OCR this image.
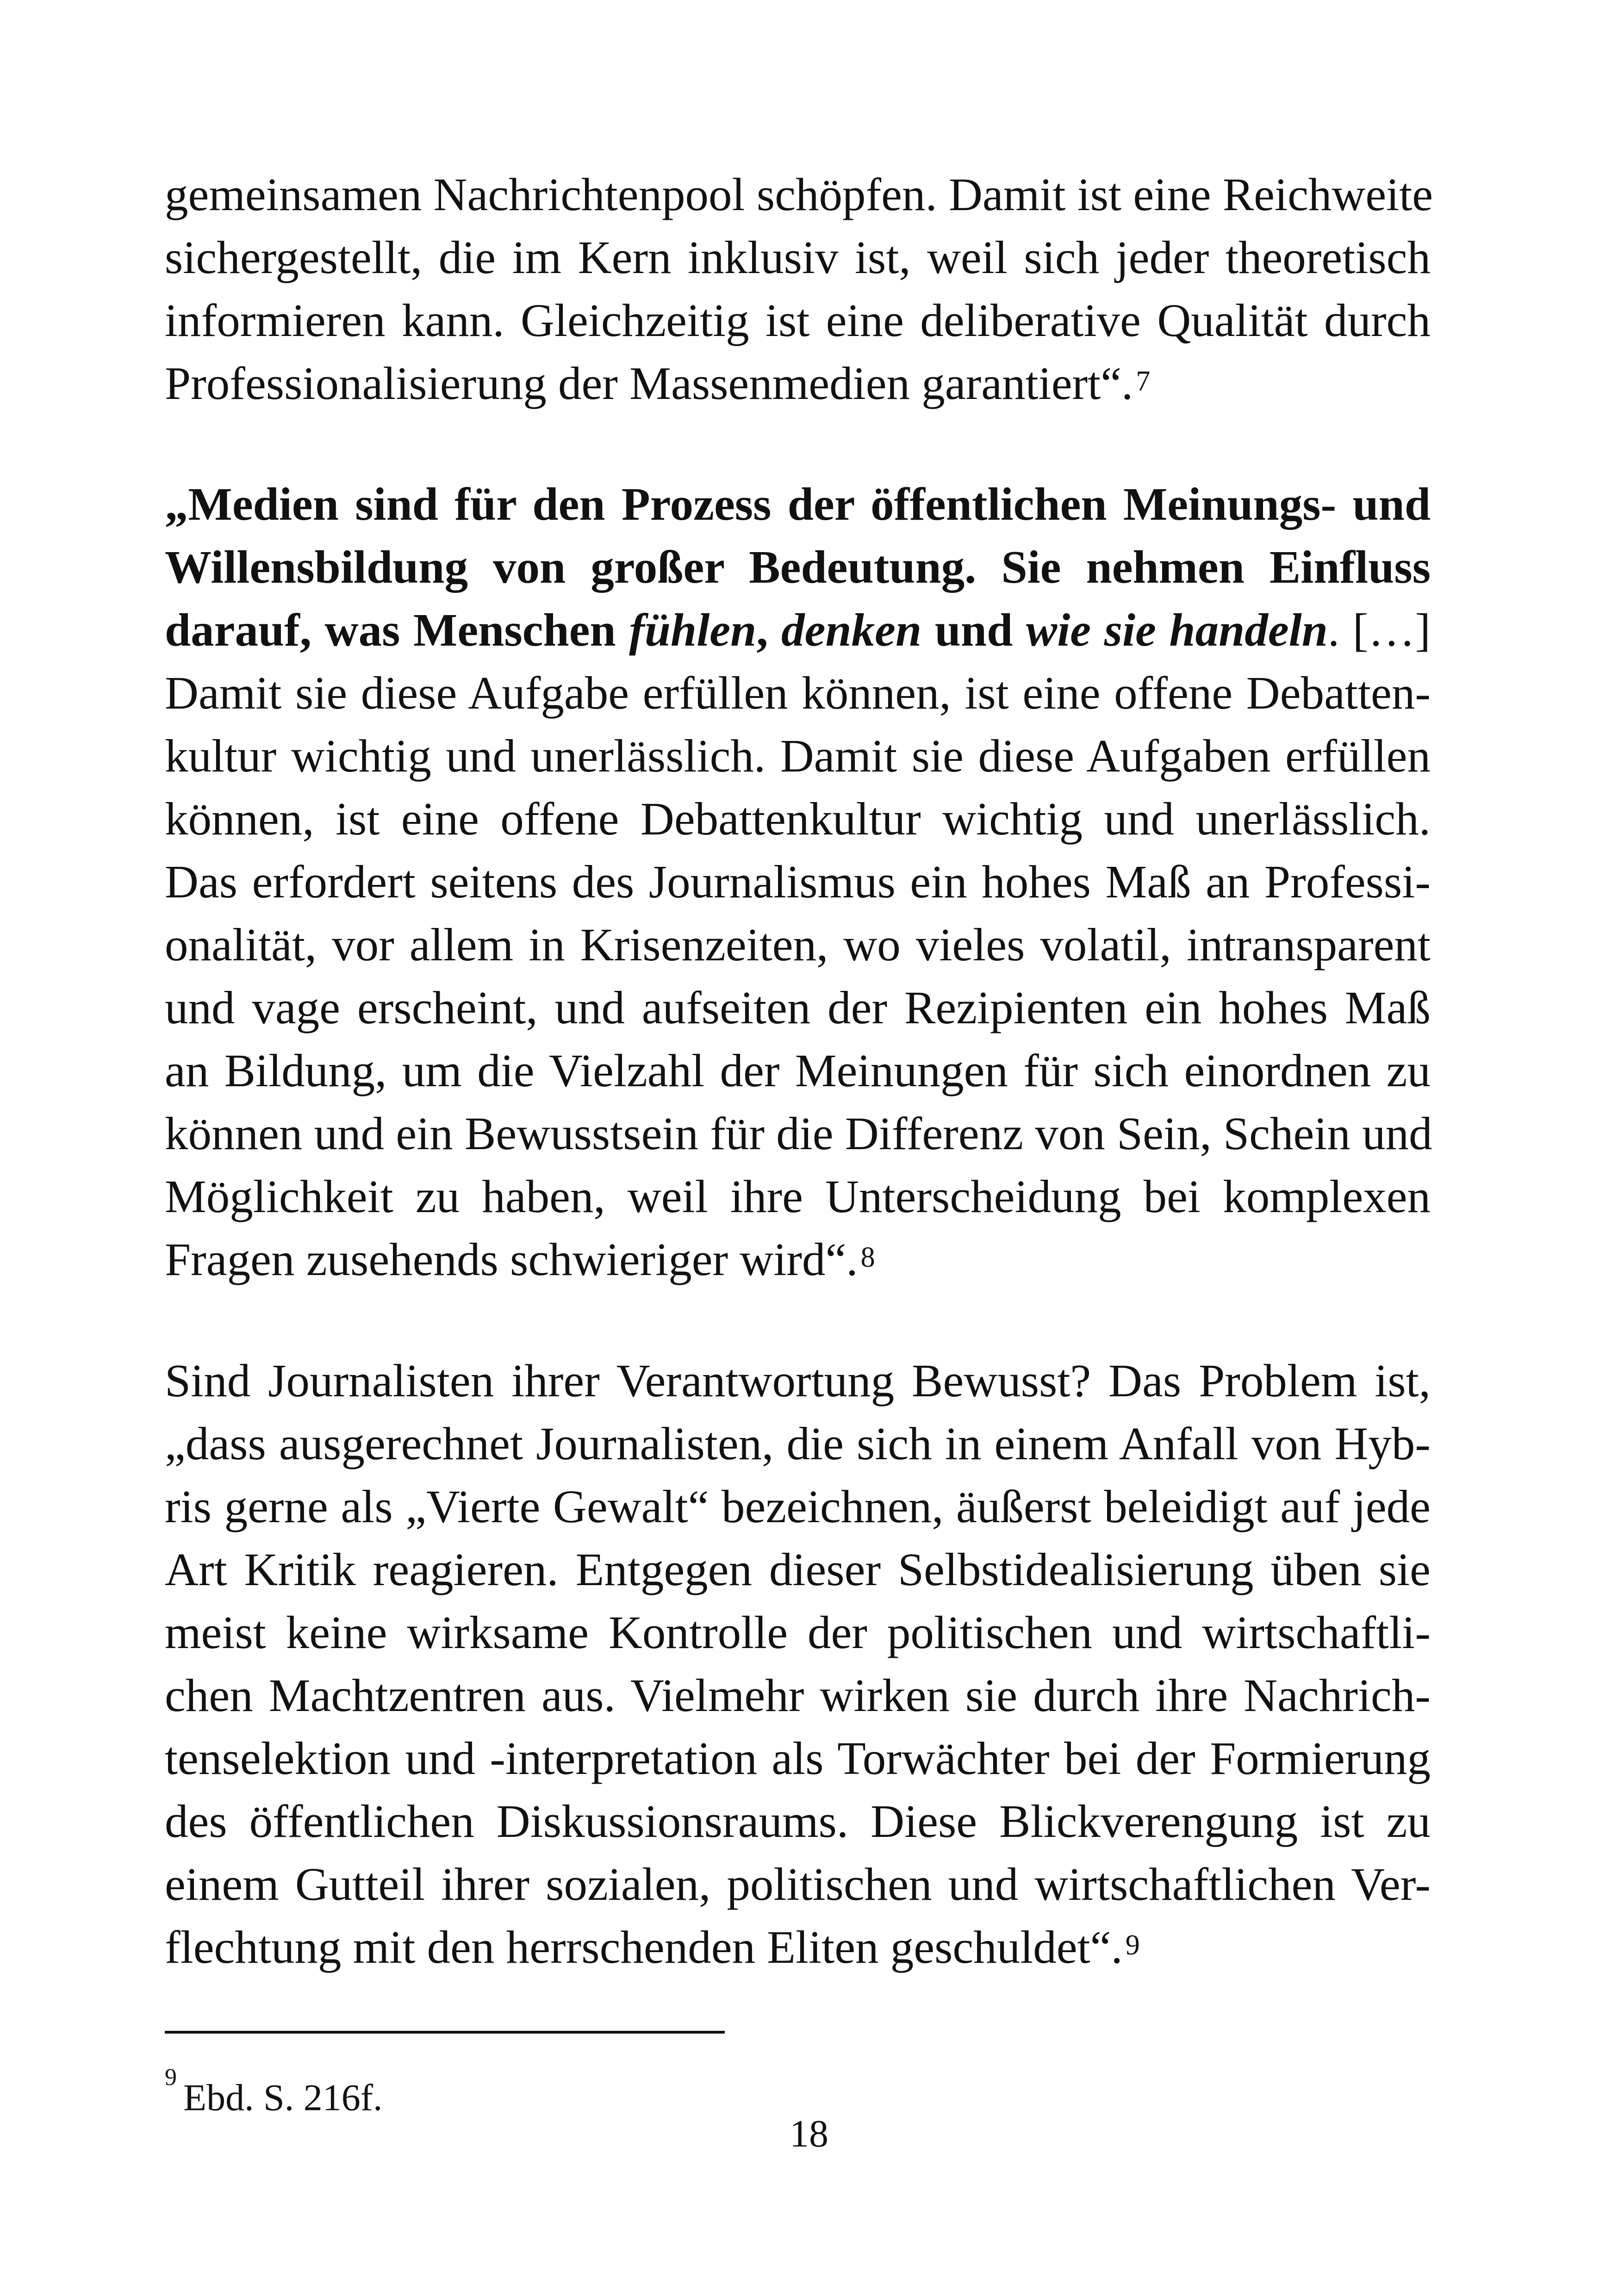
gemeinsamen Nachrichtenpool schöpfen. Damit ist eine Reichweite
sichergestellt, die im Kern inklusiv ist, weil sich jeder theoretisch
informieren kann. Gleichzeitig ist eine deliberative Qualität durch
Professionalisierung der Massenmedien garantiert“.$^7$
„Medien sind für den Prozess der öffentlichen Meinungs- und
Willensbildung von großer Bedeutung. Sie nehmen Einfluss
darauf, was Menschen fühlen, denken und wie sie handeln. […]
Damit sie diese Aufgabe erfüllen können, ist eine offene Debatten-
kultur wichtig und unerlässlich. Damit sie diese Aufgaben erfüllen
können, ist eine offene Debattenkultur wichtig und unerlässlich.
Das erfordert seitens des Journalismus ein hohes Maß an Professi-
onalität, vor allem in Krisenzeiten, wo vieles volatil, intransparent
und vage erscheint, und aufseiten der Rezipienten ein hohes Maß
an Bildung, um die Vielzahl der Meinungen für sich einordnen zu
können und ein Bewusstsein für die Differenz von Sein, Schein und
Möglichkeit zu haben, weil ihre Unterscheidung bei komplexen
Fragen zusehends schwieriger wird“.$^8$
Sind Journalisten ihrer Verantwortung Bewusst? Das Problem ist,
„dass ausgerechnet Journalisten, die sich in einem Anfall von Hyb-
ris gerne als „Vierte Gewalt“ bezeichnen, äußerst beleidigt auf jede
Art Kritik reagieren. Entgegen dieser Selbstidealisierung üben sie
meist keine wirksame Kontrolle der politischen und wirtschaftli-
chen Machtzentren aus. Vielmehr wirken sie durch ihre Nachrich-
tenselektion und -interpretation als Torwächter bei der Formierung
des öffentlichen Diskussionsraums. Diese Blickverengung ist zu
einem Gutteil ihrer sozialen, politischen und wirtschaftlichen Ver-
flechtung mit den herrschenden Eliten geschuldet“.$^9$
$^9$ Ebd. S. 216f.
18
